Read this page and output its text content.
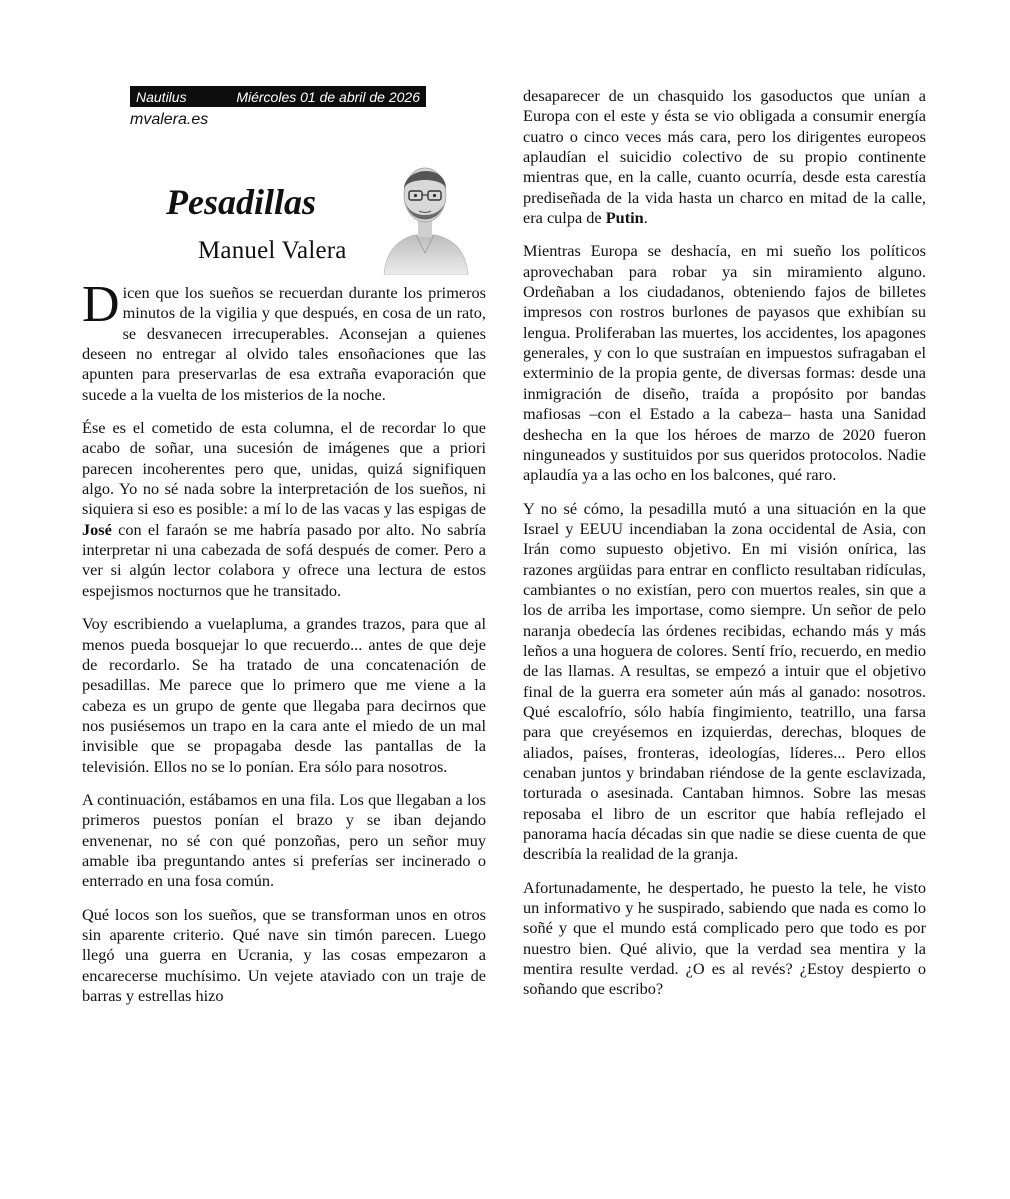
Nautilus	Miércoles 01 de abril de 2026
mvalera.es
Pesadillas
Manuel Valera

Dicen que los sueños se recuerdan durante los primeros minutos de la vigilia y que después, en cosa de un rato, se desvanecen irrecuperables. Aconsejan a quienes deseen no entregar al olvido tales ensoñaciones que las apunten para preservarlas de esa extraña evaporación que sucede a la vuelta de los misterios de la noche.

Ése es el cometido de esta columna, el de recordar lo que acabo de soñar, una sucesión de imágenes que a priori parecen incoherentes pero que, unidas, quizá signifiquen algo. Yo no sé nada sobre la interpretación de los sueños, ni siquiera si eso es posible: a mí lo de las vacas y las espigas de José con el faraón se me habría pasado por alto. No sabría interpretar ni una cabezada de sofá después de comer. Pero a ver si algún lector colabora y ofrece una lectura de estos espejismos nocturnos que he transitado.

Voy escribiendo a vuelapluma, a grandes trazos, para que al menos pueda bosquejar lo que recuerdo... antes de que deje de recordarlo. Se ha tratado de una concatenación de pesadillas. Me parece que lo primero que me viene a la cabeza es un grupo de gente que llegaba para decirnos que nos pusiésemos un trapo en la cara ante el miedo de un mal invisible que se propagaba desde las pantallas de la televisión. Ellos no se lo ponían. Era sólo para nosotros.

A continuación, estábamos en una fila. Los que llegaban a los primeros puestos ponían el brazo y se iban dejando envenenar, no sé con qué ponzoñas, pero un señor muy amable iba preguntando antes si preferías ser incinerado o enterrado en una fosa común.

Qué locos son los sueños, que se transforman unos en otros sin aparente criterio. Qué nave sin timón parecen. Luego llegó una guerra en Ucrania, y las cosas empezaron a encarecerse muchísimo. Un vejete ataviado con un traje de barras y estrellas hizo

desaparecer de un chasquido los gasoductos que unían a Europa con el este y ésta se vio obligada a consumir energía cuatro o cinco veces más cara, pero los dirigentes europeos aplaudían el suicidio colectivo de su propio continente mientras que, en la calle, cuanto ocurría, desde esta carestía prediseñada de la vida hasta un charco en mitad de la calle, era culpa de Putin.

Mientras Europa se deshacía, en mi sueño los políticos aprovechaban para robar ya sin miramiento alguno. Ordeñaban a los ciudadanos, obteniendo fajos de billetes impresos con rostros burlones de payasos que exhibían su lengua. Proliferaban las muertes, los accidentes, los apagones generales, y con lo que sustraían en impuestos sufragaban el exterminio de la propia gente, de diversas formas: desde una inmigración de diseño, traída a propósito por bandas mafiosas –con el Estado a la cabeza– hasta una Sanidad deshecha en la que los héroes de marzo de 2020 fueron ninguneados y sustituidos por sus queridos protocolos. Nadie aplaudía ya a las ocho en los balcones, qué raro.

Y no sé cómo, la pesadilla mutó a una situación en la que Israel y EEUU incendiaban la zona occidental de Asia, con Irán como supuesto objetivo. En mi visión onírica, las razones argüidas para entrar en conflicto resultaban ridículas, cambiantes o no existían, pero con muertos reales, sin que a los de arriba les importase, como siempre. Un señor de pelo naranja obedecía las órdenes recibidas, echando más y más leños a una hoguera de colores. Sentí frío, recuerdo, en medio de las llamas. A resultas, se empezó a intuir que el objetivo final de la guerra era someter aún más al ganado: nosotros. Qué escalofrío, sólo había fingimiento, teatrillo, una farsa para que creyésemos en izquierdas, derechas, bloques de aliados, países, fronteras, ideologías, líderes... Pero ellos cenaban juntos y brindaban riéndose de la gente esclavizada, torturada o asesinada. Cantaban himnos. Sobre las mesas reposaba el libro de un escritor que había reflejado el panorama hacía décadas sin que nadie se diese cuenta de que describía la realidad de la granja.

Afortunadamente, he despertado, he puesto la tele, he visto un informativo y he suspirado, sabiendo que nada es como lo soñé y que el mundo está complicado pero que todo es por nuestro bien. Qué alivio, que la verdad sea mentira y la mentira resulte verdad. ¿O es al revés? ¿Estoy despierto o soñando que escribo?
